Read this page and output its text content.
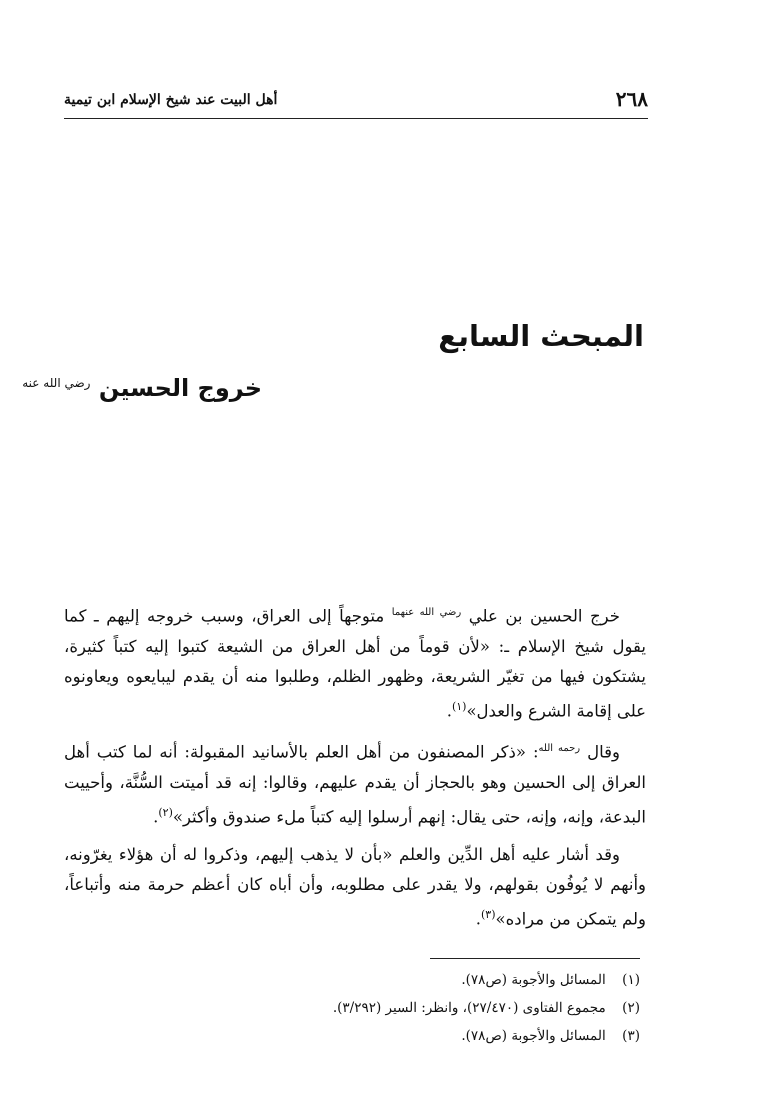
٢٦٨
أهل البيت عند شيخ الإسلام ابن تيمية
المبحث السابع
خروج الحسين $^{رضي الله عنه}$

خرج الحسين بن علي $^{رضي الله عنهما}$ متوجهاً إلى العراق، وسبب خروجه إليهم ـ كما يقول شيخ الإسلام ـ: «لأن قوماً من أهل العراق من الشيعة كتبوا إليه كتباً كثيرة، يشتكون فيها من تغيّر الشريعة، وظهور الظلم، وطلبوا منه أن يقدم ليبايعوه ويعاونوه على إقامة الشرع والعدل»$^{(١)}$.

وقال $^{رحمه الله}$: «ذكر المصنفون من أهل العلم بالأسانيد المقبولة: أنه لما كتب أهل العراق إلى الحسين وهو بالحجاز أن يقدم عليهم، وقالوا: إنه قد أميتت السُّنَّة، وأحييت البدعة، وإنه، وإنه، حتى يقال: إنهم أرسلوا إليه كتباً ملء صندوق وأكثر»$^{(٢)}$.

وقد أشار عليه أهل الدِّين والعلم «بأن لا يذهب إليهم، وذكروا له أن هؤلاء يغرّونه، وأنهم لا يُوفُون بقولهم، ولا يقدر على مطلوبه، وأن أباه كان أعظم حرمة منه وأتباعاً، ولم يتمكن من مراده»$^{(٣)}$.

(١) المسائل والأجوبة (ص٧٨).
(٢) مجموع الفتاوى (٢٧/٤٧٠)، وانظر: السير (٣/٢٩٢).
(٣) المسائل والأجوبة (ص٧٨).
